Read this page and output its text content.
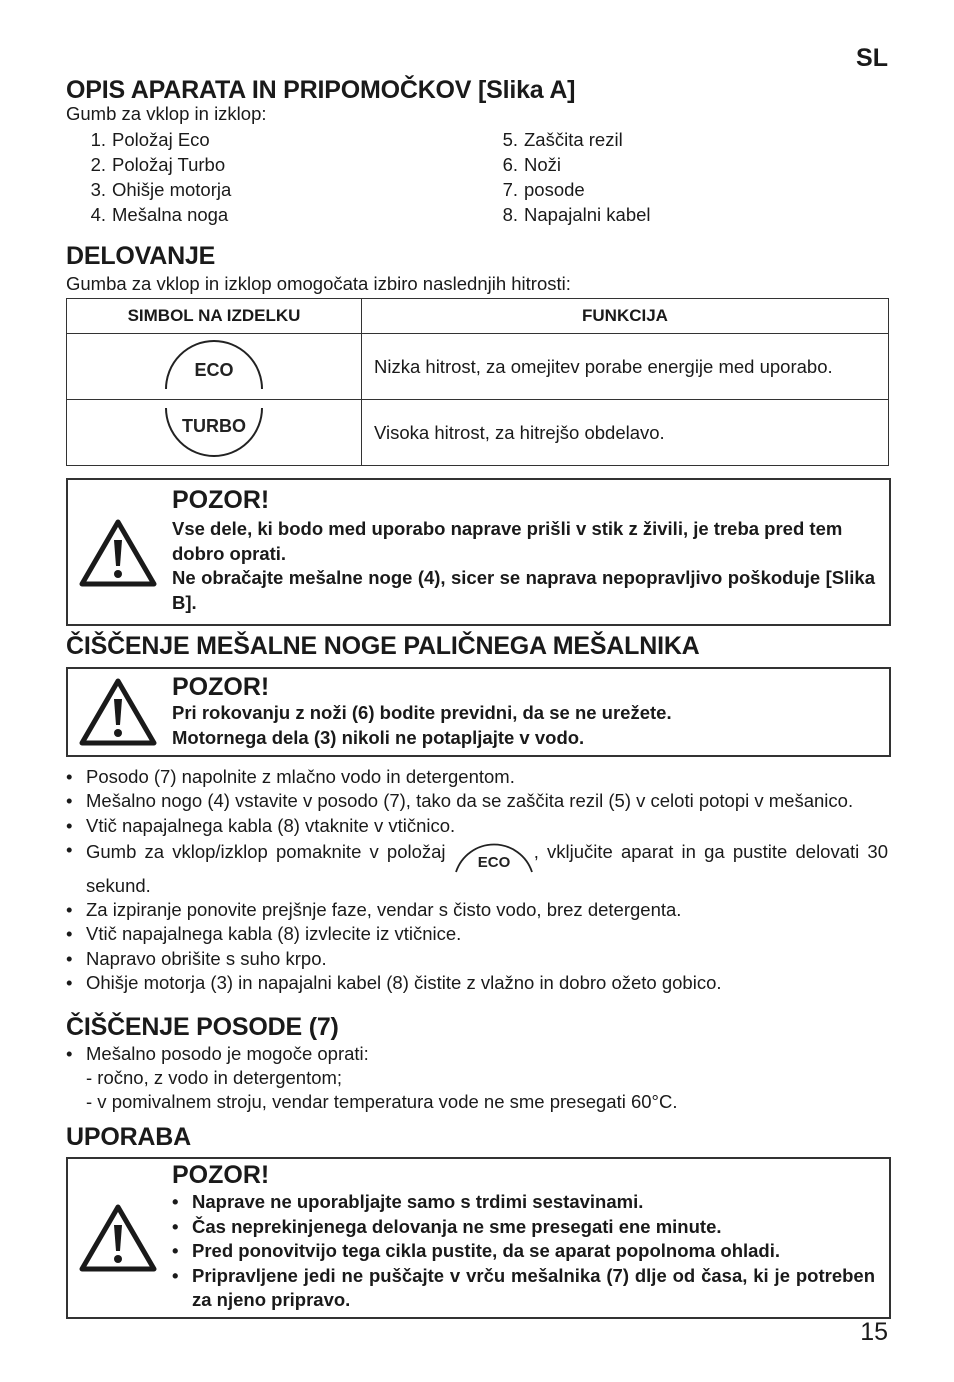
SL
OPIS APARATA IN PRIPOMOČKOV [Slika A]
Gumb za vklop in izklop:
1. Položaj Eco
2. Položaj Turbo
3. Ohišje motorja
4. Mešalna noga
5. Zaščita rezil
6. Noži
7. posode
8. Napajalni kabel
DELOVANJE
Gumba za vklop in izklop omogočata izbiro naslednjih hitrosti:
SIMBOL NA IZDELKU	FUNKCIJA

ECO	Nizka hitrost, za omejitev porabe energije med uporabo.

TURBO	Visoka hitrost, za hitrejšo obdelavo.
POZOR!
Vse dele, ki bodo med uporabo naprave prišli v stik z živili, je treba pred tem dobro oprati.
Ne obračajte mešalne noge (4), sicer se naprava nepopravljivo poškoduje [Slika B].
ČIŠČENJE MEŠALNE NOGE PALIČNEGA MEŠALNIKA
POZOR!
Pri rokovanju z noži (6) bodite previdni, da se ne urežete.
Motornega dela (3) nikoli ne potapljajte v vodo.
• Posodo (7) napolnite z mlačno vodo in detergentom.
• Mešalno nogo (4) vstavite v posodo (7), tako da se zaščita rezil (5) v celoti potopi v mešanico.
• Vtič napajalnega kabla (8) vtaknite v vtičnico.
• Gumb za vklop/izklop pomaknite v položaj
ECO
, vključite aparat in ga pustite delovati 30 sekund.
• Za izpiranje ponovite prejšnje faze, vendar s čisto vodo, brez detergenta.
• Vtič napajalnega kabla (8) izvlecite iz vtičnice.
• Napravo obrišite s suho krpo.
• Ohišje motorja (3) in napajalni kabel (8) čistite z vlažno in dobro ožeto gobico.
ČIŠČENJE POSODE (7)
• Mešalno posodo je mogoče oprati:
- ročno, z vodo in detergentom;
- v pomivalnem stroju, vendar temperatura vode ne sme presegati 60°C.
UPORABA
POZOR!
• Naprave ne uporabljajte samo s trdimi sestavinami.
• Čas neprekinjenega delovanja ne sme presegati ene minute.
• Pred ponovitvijo tega cikla pustite, da se aparat popolnoma ohladi.
• Pripravljene jedi ne puščajte v vrču mešalnika (7) dlje od časa, ki je potreben za njeno pripravo.
15
